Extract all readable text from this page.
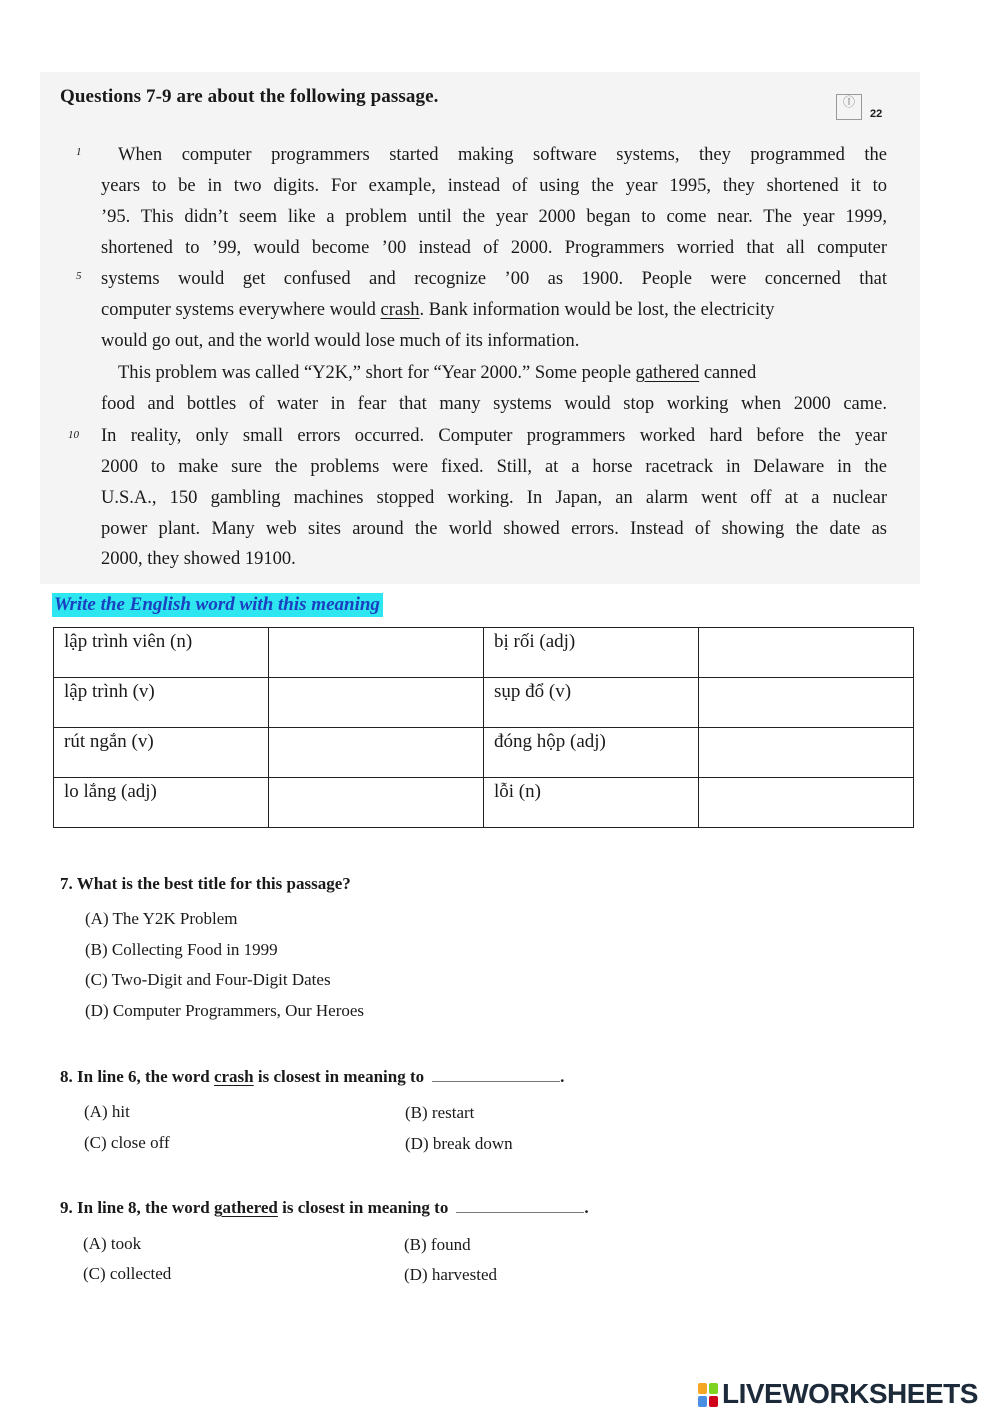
Questions 7-9 are about the following passage.	Ⓘ
22
1
5
10
When computer programmers started making software systems, they programmed the
years to be in two digits. For example, instead of using the year 1995, they shortened it to
’95. This didn’t seem like a problem until the year 2000 began to come near. The year 1999,
shortened to ’99, would become ’00 instead of 2000. Programmers worried that all computer
systems would get confused and recognize ’00 as 1900. People were concerned that
computer systems everywhere would crash. Bank information would be lost, the electricity
would go out, and the world would lose much of its information.
This problem was called “Y2K,” short for “Year 2000.” Some people gathered canned
food and bottles of water in fear that many systems would stop working when 2000 came.
In reality, only small errors occurred. Computer programmers worked hard before the year
2000 to make sure the problems were fixed. Still, at a horse racetrack in Delaware in the
U.S.A., 150 gambling machines stopped working. In Japan, an alarm went off at a nuclear
power plant. Many web sites around the world showed errors. Instead of showing the date as
2000, they showed 19100.
Write the English word with this meaning
lập trình viên (n)		bị rối (adj)	
lập trình (v)		sụp đổ (v)	
rút ngắn (v)		đóng hộp (adj)	
lo lắng (adj)		lỗi (n)	
7. What is the best title for this passage?
(A) The Y2K Problem
(B) Collecting Food in 1999
(C) Two-Digit and Four-Digit Dates
(D) Computer Programmers, Our Heroes
8. In line 6, the word crash is closest in meaning to	.
(A) hit	(B) restart
(C) close off	(D) break down
9. In line 8, the word gathered is closest in meaning to	.
(A) took	(B) found
(C) collected	(D) harvested
LIVEWORKSHEETS
